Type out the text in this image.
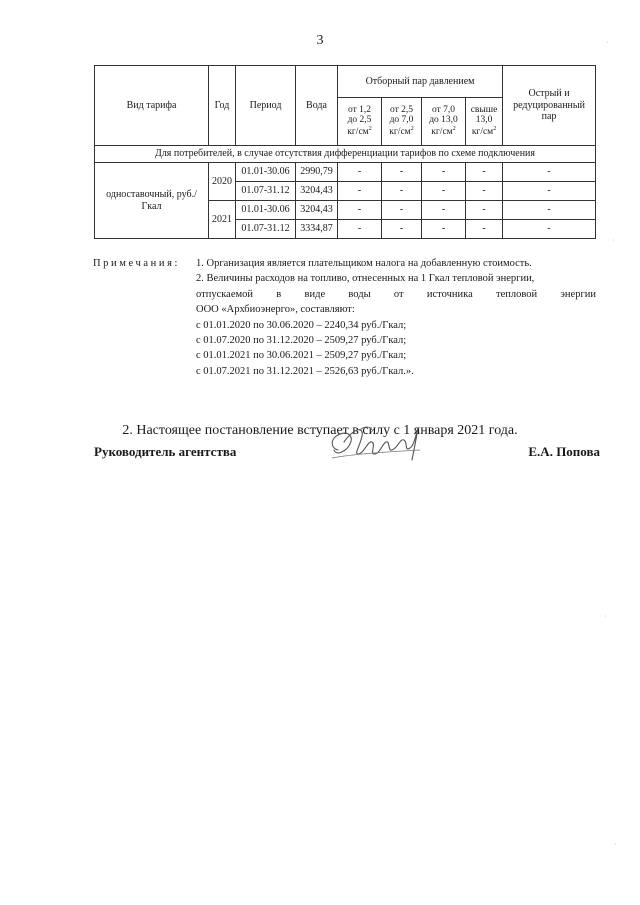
3
Вид тарифа	Год	Период	Вода	Отборный пар давлением				Острый и редуцированный пар
				от 1,2
до 2,5
$кг/см^2$	от 2,5
до 7,0
$кг/см^2$	от 7,0
до 13,0
$кг/см^2$	свыше
13,0
$кг/см^2$
Для потребителей, в случае отсутствия дифференциации тарифов по схеме подключения								
одноставочный, руб./Гкал	2020	01.01-30.06	2990,79	-	-	-	-	-
		01.07-31.12	3204,43	-	-	-	-	-
	2021	01.01-30.06	3204,43	-	-	-	-	-
		01.07-31.12	3334,87	-	-	-	-	-
Примечания: 1. Организация является плательщиком налога на добавленную стоимость.

2. Величины расходов на топливо, отнесенных на 1 Гкал тепловой энергии,

отпускаемой в виде воды от источника тепловой энергии

ООО «Архбиоэнерго», составляют:

с 01.01.2020 по 30.06.2020 – 2240,34 руб./Гкал;

с 01.07.2020 по 31.12.2020 – 2509,27 руб./Гкал;

с 01.01.2021 по 30.06.2021 – 2509,27 руб./Гкал;

с 01.07.2021 по 31.12.2021 – 2526,63 руб./Гкал.».

2. Настоящее постановление вступает в силу с 1 января 2021 года.
Руководитель агентства	Е.А. Попова
·
·
·
·
